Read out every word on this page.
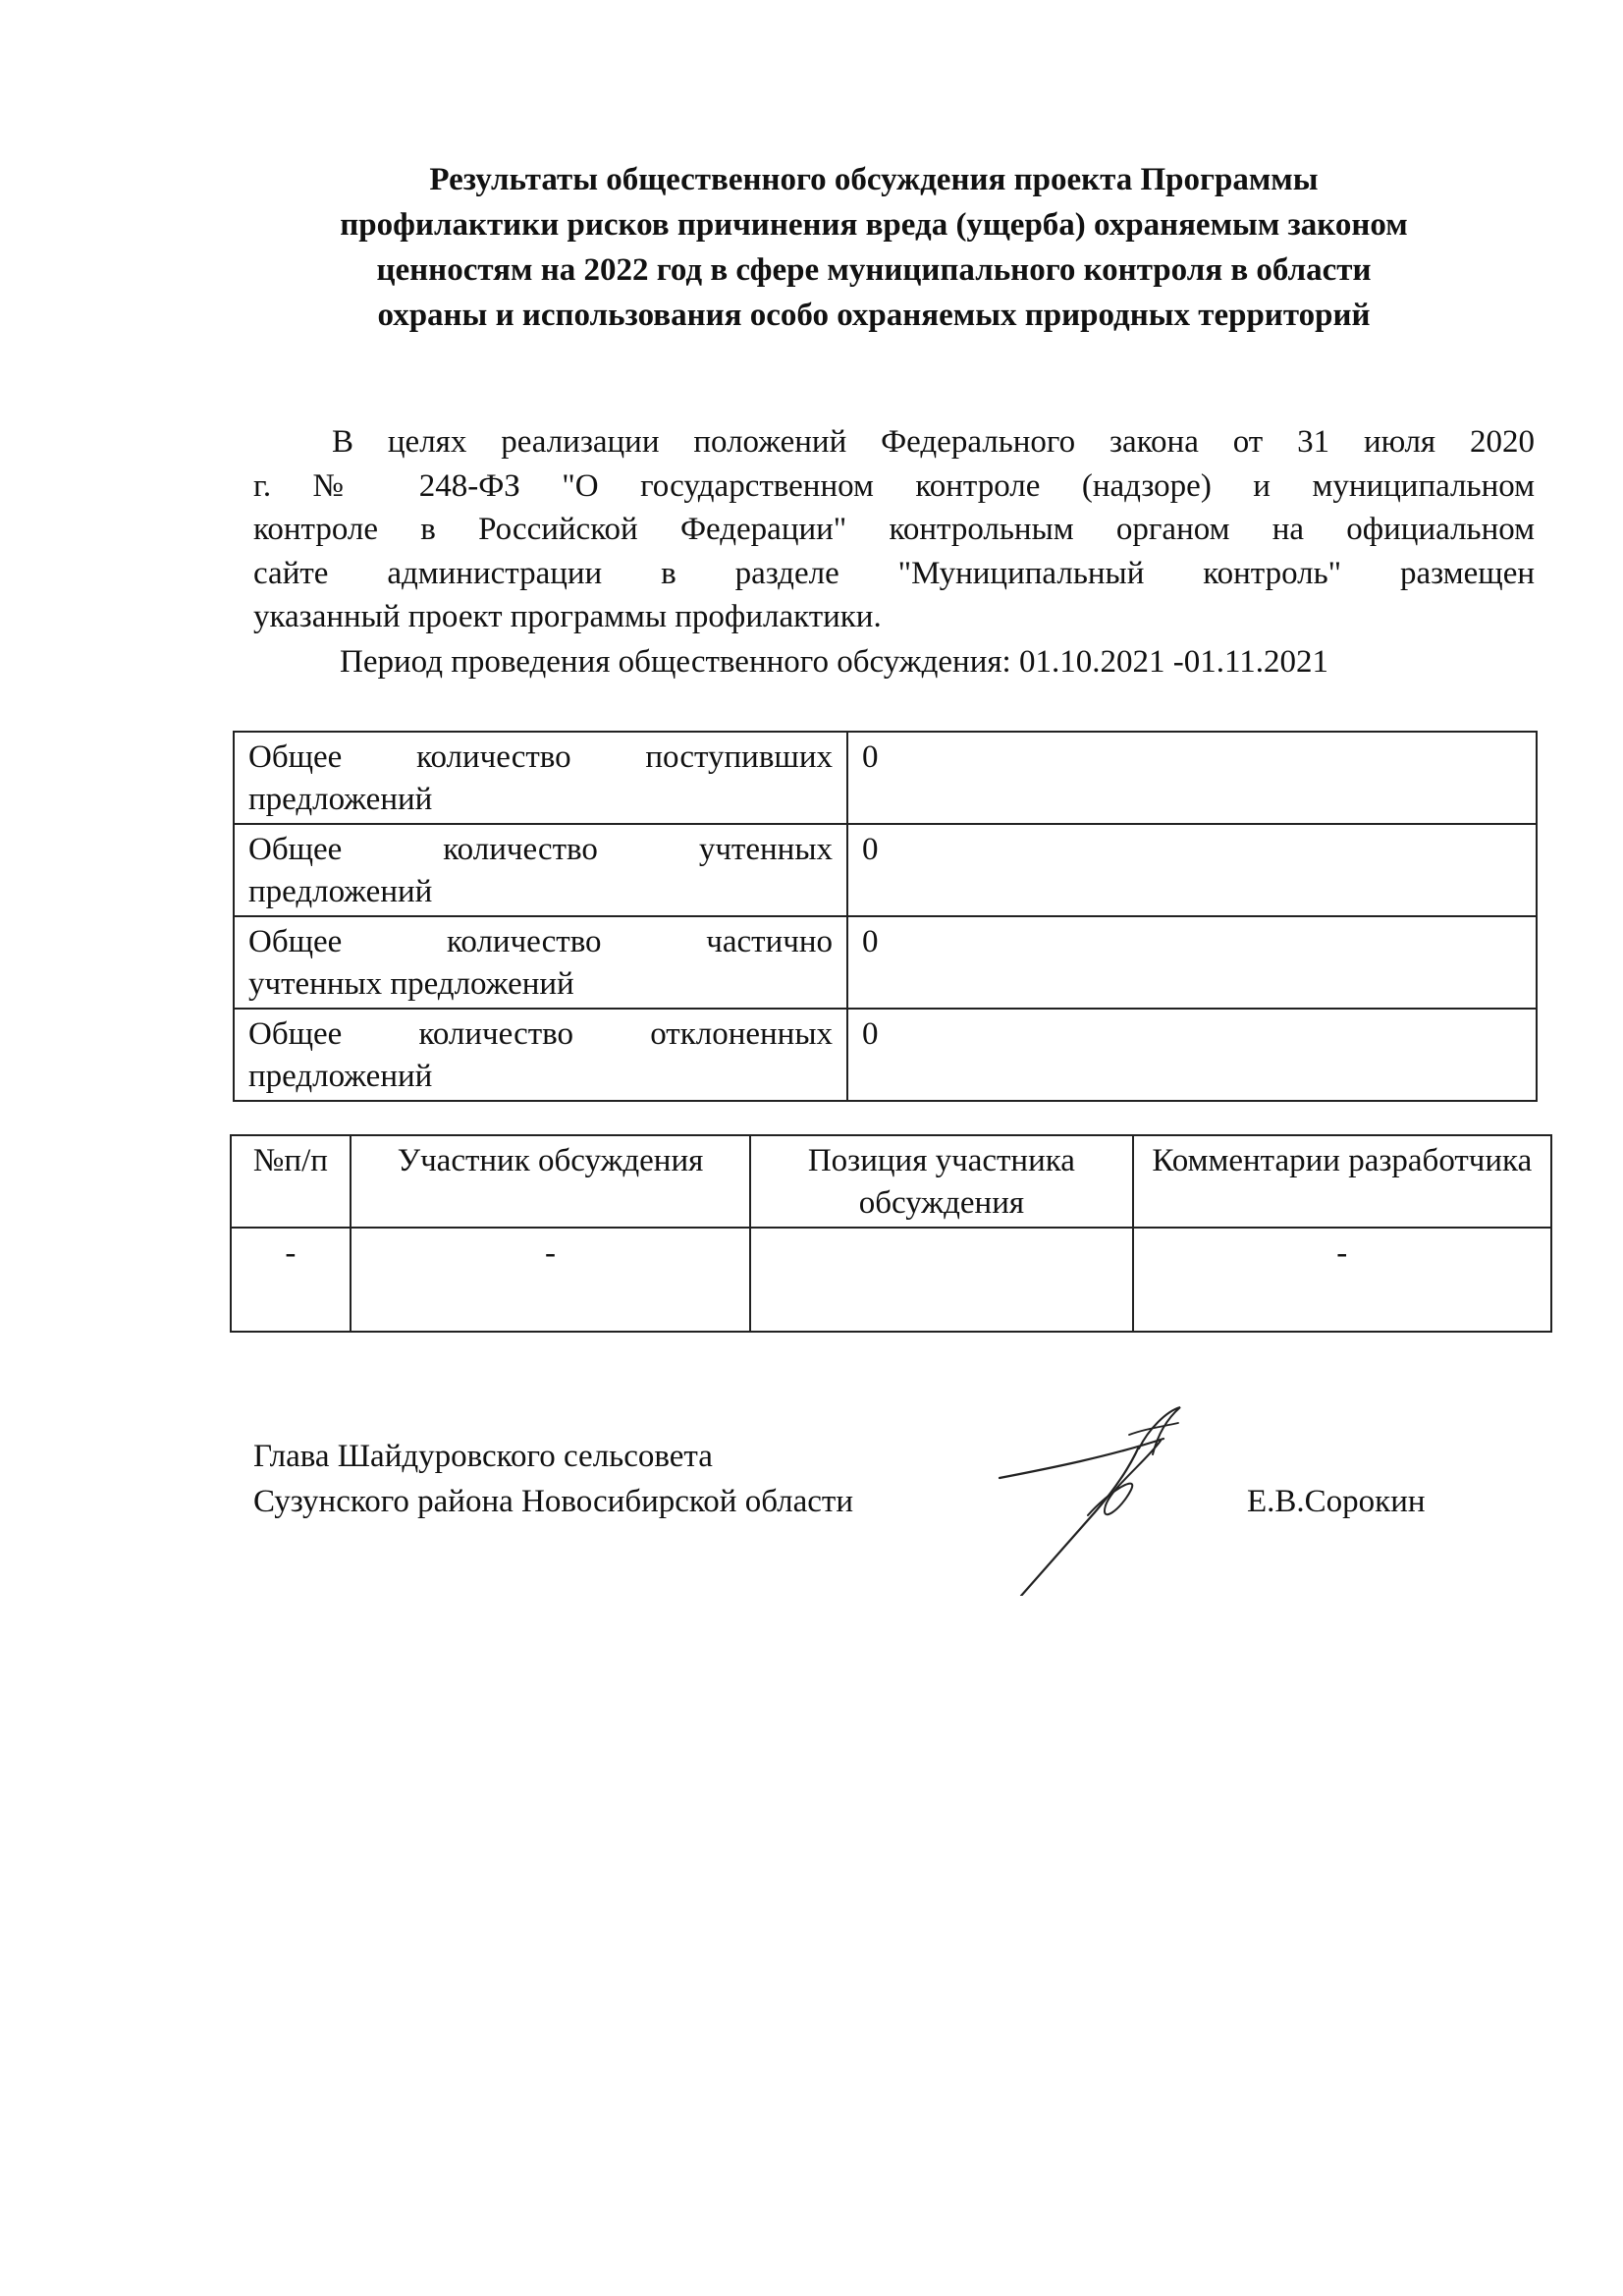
Результаты общественного обсуждения проекта Программы
профилактики рисков причинения вреда (ущерба) охраняемым законом
ценностям на 2022 год в сфере муниципального контроля в области
охраны и использования особо охраняемых природных территорий
В целях реализации положений Федерального закона от 31 июля 2020
г. № 248-ФЗ "О государственном контроле (надзоре) и муниципальном
контроле в Российской Федерации" контрольным органом на официальном
сайте администрации в разделе "Муниципальный контроль" размещен
указанный проект программы профилактики.
Период проведения общественного обсуждения: 01.10.2021 -01.11.2021
Общее количество поступивших
предложений	0

Общее количество учтенных
предложений	0

Общее количество частично
учтенных предложений	0

Общее количество отклоненных
предложений	0
№п/п	Участник обсуждения	Позиция участника обсуждения	Комментарии разработчика
-	-		-
Глава Шайдуровского сельсовета
Сузунского района Новосибирской области	Е.В.Сорокин
